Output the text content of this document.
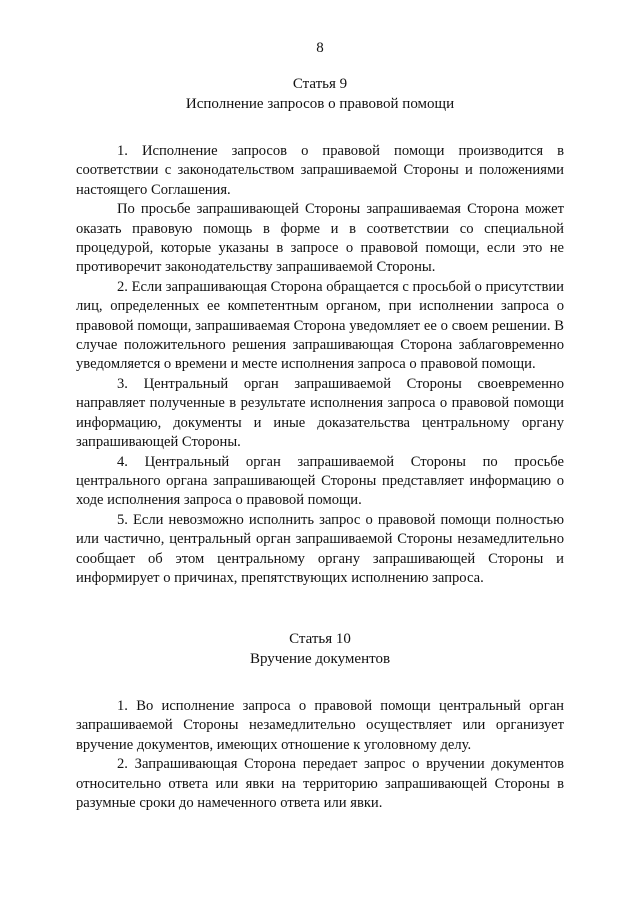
8
Статья 9
Исполнение запросов о правовой помощи

1. Исполнение запросов о правовой помощи производится в соответствии с законодательством запрашиваемой Стороны и положениями настоящего Соглашения.

По просьбе запрашивающей Стороны запрашиваемая Сторона может оказать правовую помощь в форме и в соответствии со специальной процедурой, которые указаны в запросе о правовой помощи, если это не противоречит законодательству запрашиваемой Стороны.

2. Если запрашивающая Сторона обращается с просьбой о присутствии лиц, определенных ее компетентным органом, при исполнении запроса о правовой помощи, запрашиваемая Сторона уведомляет ее о своем решении. В случае положительного решения запрашивающая Сторона заблаговременно уведомляется о времени и месте исполнения запроса о правовой помощи.

3. Центральный орган запрашиваемой Стороны своевременно направляет полученные в результате исполнения запроса о правовой помощи информацию, документы и иные доказательства центральному органу запрашивающей Стороны.

4. Центральный орган запрашиваемой Стороны по просьбе центрального органа запрашивающей Стороны представляет информацию о ходе исполнения запроса о правовой помощи.

5. Если невозможно исполнить запрос о правовой помощи полностью или частично, центральный орган запрашиваемой Стороны незамедлительно сообщает об этом центральному органу запрашивающей Стороны и информирует о причинах, препятствующих исполнению запроса.

Статья 10
Вручение документов

1. Во исполнение запроса о правовой помощи центральный орган запрашиваемой Стороны незамедлительно осуществляет или организует вручение документов, имеющих отношение к уголовному делу.

2. Запрашивающая Сторона передает запрос о вручении документов относительно ответа или явки на территорию запрашивающей Стороны в разумные сроки до намеченного ответа или явки.
